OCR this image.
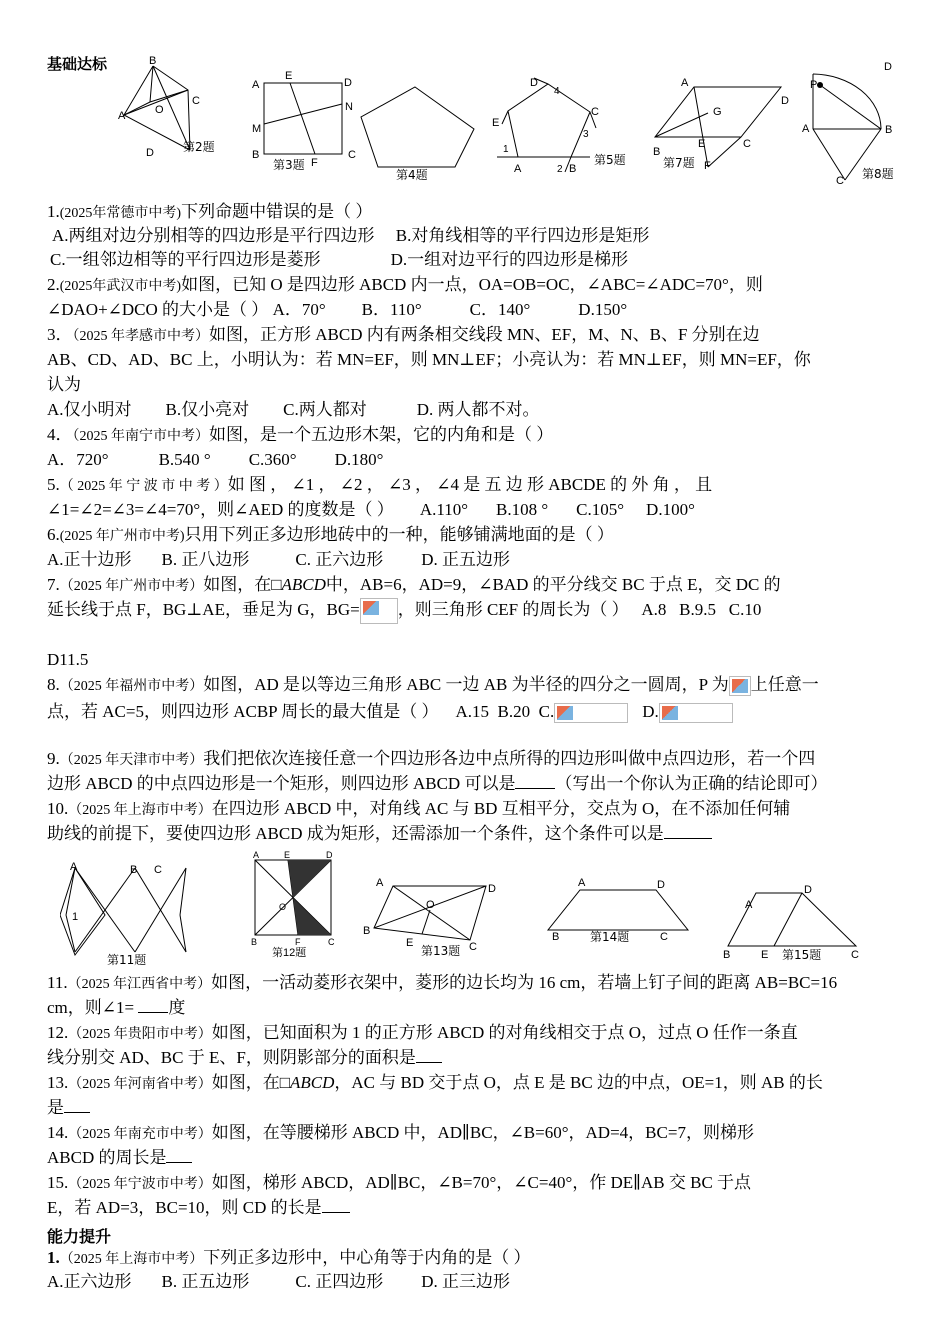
基础达标	B
C
A	O
D 第2题
A
E
D
M
N
B
F
C
第3题
第4题
D
4
C
E
3
1
A	2 B
第5题
A
D
G
B
E	C
F
第7题
P
D
A	B
C 第8题
1.(2025年常德市中考)下列命题中错误的是（ ）
A.两组对边分别相等的四边形是平行四边形 B.对角线相等的平行四边形是矩形
C.一组邻边相等的平行四边形是菱形	D.一组对边平行的四边形是梯形
2.(2025年武汉市中考)如图，已知 O 是四边形 ABCD 内一点，OA=OB=OC，∠ABC=∠ADC=70°，则
∠DAO+∠DCO 的大小是（ ） A．70° B．110°	C．140°	D.150°
3．（2025 年孝感市中考）如图，正方形 ABCD 内有两条相交线段 MN、EF，M、N、B、F 分别在边
AB、CD、AD、BC 上，小明认为：若 MN=EF，则 MN⊥EF；小亮认为：若 MN⊥EF，则 MN=EF，你
认为
A.仅小明对 B.仅小亮对 C.两人都对	D. 两人都不对。
4．（2025 年南宁市中考）如图，是一个五边形木架，它的内角和是（ ）
A．720°	B.540 ° C.360° D.180°
5.（ 2025 年 宁 波 市 中 考 ）如 图 ， ∠1 ， ∠2 ， ∠3 ， ∠4 是 五 边 形 ABCDE 的 外 角 ， 且
∠1=∠2=∠3=∠4=70°，则∠AED 的度数是（ ） A.110° B.108 ° C.105° D.100°
6.(2025 年广州市中考)只用下列正多边形地砖中的一种，能够铺满地面的是（ ）
A.正十边形 B. 正八边形	C. 正六边形 D. 正五边形
7.（2025 年广州市中考）如图，在□ABCD中，AB=6，AD=9，∠BAD 的平分线交 BC 于点 E，交 DC 的
延长线于点 F，BG⊥AE，垂足为 G，BG= ，则三角形 CEF 的周长为（ ） A.8 B.9.5 C.10
D11.5
8.（2025 年福州市中考）如图，AD 是以等边三角形 ABC 一边 AB 为半径的四分之一圆周，P 为 上任意一
点，若 AC=5，则四边形 ACBP 周长的最大值是（ ） A.15 B.20 C.	D.
9.（2025 年天津市中考）我们把依次连接任意一个四边形各边中点所得的四边形叫做中点四边形，若一个四
边形 ABCD 的中点四边形是一个矩形，则四边形 ABCD 可以是 （写出一个你认为正确的结论即可）
10.（2025 年上海市中考）在四边形 ABCD 中，对角线 AC 与 BD 互相平分，交点为 O，在不添加任何辅
助线的前提下，要使四边形 ABCD 成为矩形，还需添加一个条件，这个条件可以是
A	B C
1
第11题
A	E	D
O
B	F	C
第12题
A	D
O
B
E	C
第13题
A	D
B	C
第14题
A
D
B	E	C
第15题
11.（2025 年江西省中考）如图，一活动菱形衣架中，菱形的边长均为 16 cm，若墙上钉子间的距离 AB=BC=16
cm，则∠1= 度
12.（2025 年贵阳市中考）如图，已知面积为 1 的正方形 ABCD 的对角线相交于点 O，过点 O 任作一条直
线分别交 AD、BC 于 E、F，则阴影部分的面积是
13.（2025 年河南省中考）如图，在□ABCD，AC 与 BD 交于点 O，点 E 是 BC 边的中点，OE=1，则 AB 的长
是
14.（2025 年南充市中考）如图，在等腰梯形 ABCD 中，AD∥BC，∠B=60°，AD=4，BC=7，则梯形
ABCD 的周长是
15.（2025 年宁波市中考）如图，梯形 ABCD，AD∥BC，∠B=70°，∠C=40°，作 DE∥AB 交 BC 于点
E，若 AD=3，BC=10，则 CD 的长是
能力提升
1.（2025 年上海市中考）下列正多边形中，中心角等于内角的是（ ）
A.正六边形 B. 正五边形	C. 正四边形 D. 正三边形
